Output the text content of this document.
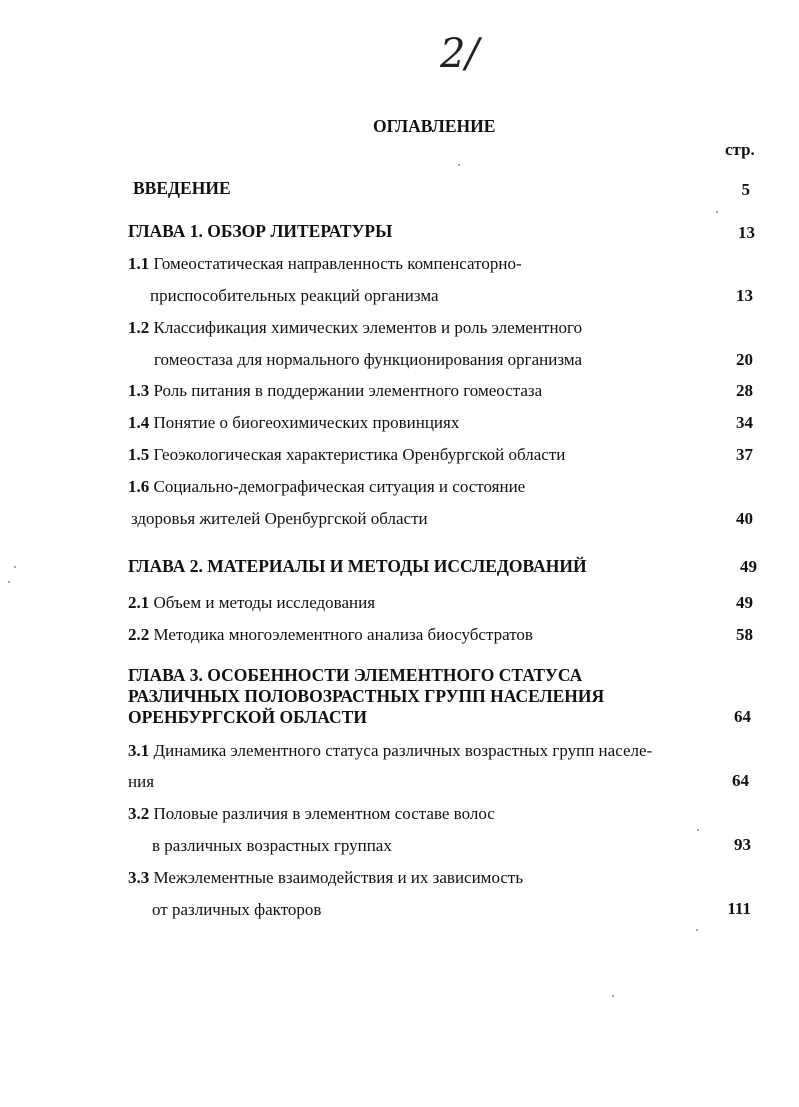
2/
ОГЛАВЛЕНИЕ
стр.
ВВЕДЕНИЕ	5
ГЛАВА 1. ОБЗОР ЛИТЕРАТУРЫ	13
1.1 Гомеостатическая направленность компенсаторно-
приспособительных реакций организма	13
1.2 Классификация химических элементов и роль элементного
гомеостаза для нормального функционирования организма	20
1.3 Роль питания в поддержании элементного гомеостаза	28
1.4 Понятие о биогеохимических провинциях	34
1.5 Геоэкологическая характеристика Оренбургской области	37
1.6 Социально-демографическая ситуация и состояние
здоровья жителей Оренбургской области	40
ГЛАВА 2. МАТЕРИАЛЫ И МЕТОДЫ ИССЛЕДОВАНИЙ	49
2.1 Объем и методы исследования	49
2.2 Методика многоэлементного анализа биосубстратов	58
ГЛАВА 3. ОСОБЕННОСТИ ЭЛЕМЕНТНОГО СТАТУСА
РАЗЛИЧНЫХ ПОЛОВОЗРАСТНЫХ ГРУПП НАСЕЛЕНИЯ
ОРЕНБУРГСКОЙ ОБЛАСТИ	64
3.1 Динамика элементного статуса различных возрастных групп населе-
ния	64
3.2 Половые различия в элементном составе волос
в различных возрастных группах	93
3.3 Межэлементные взаимодействия и их зависимость
от различных факторов	111
